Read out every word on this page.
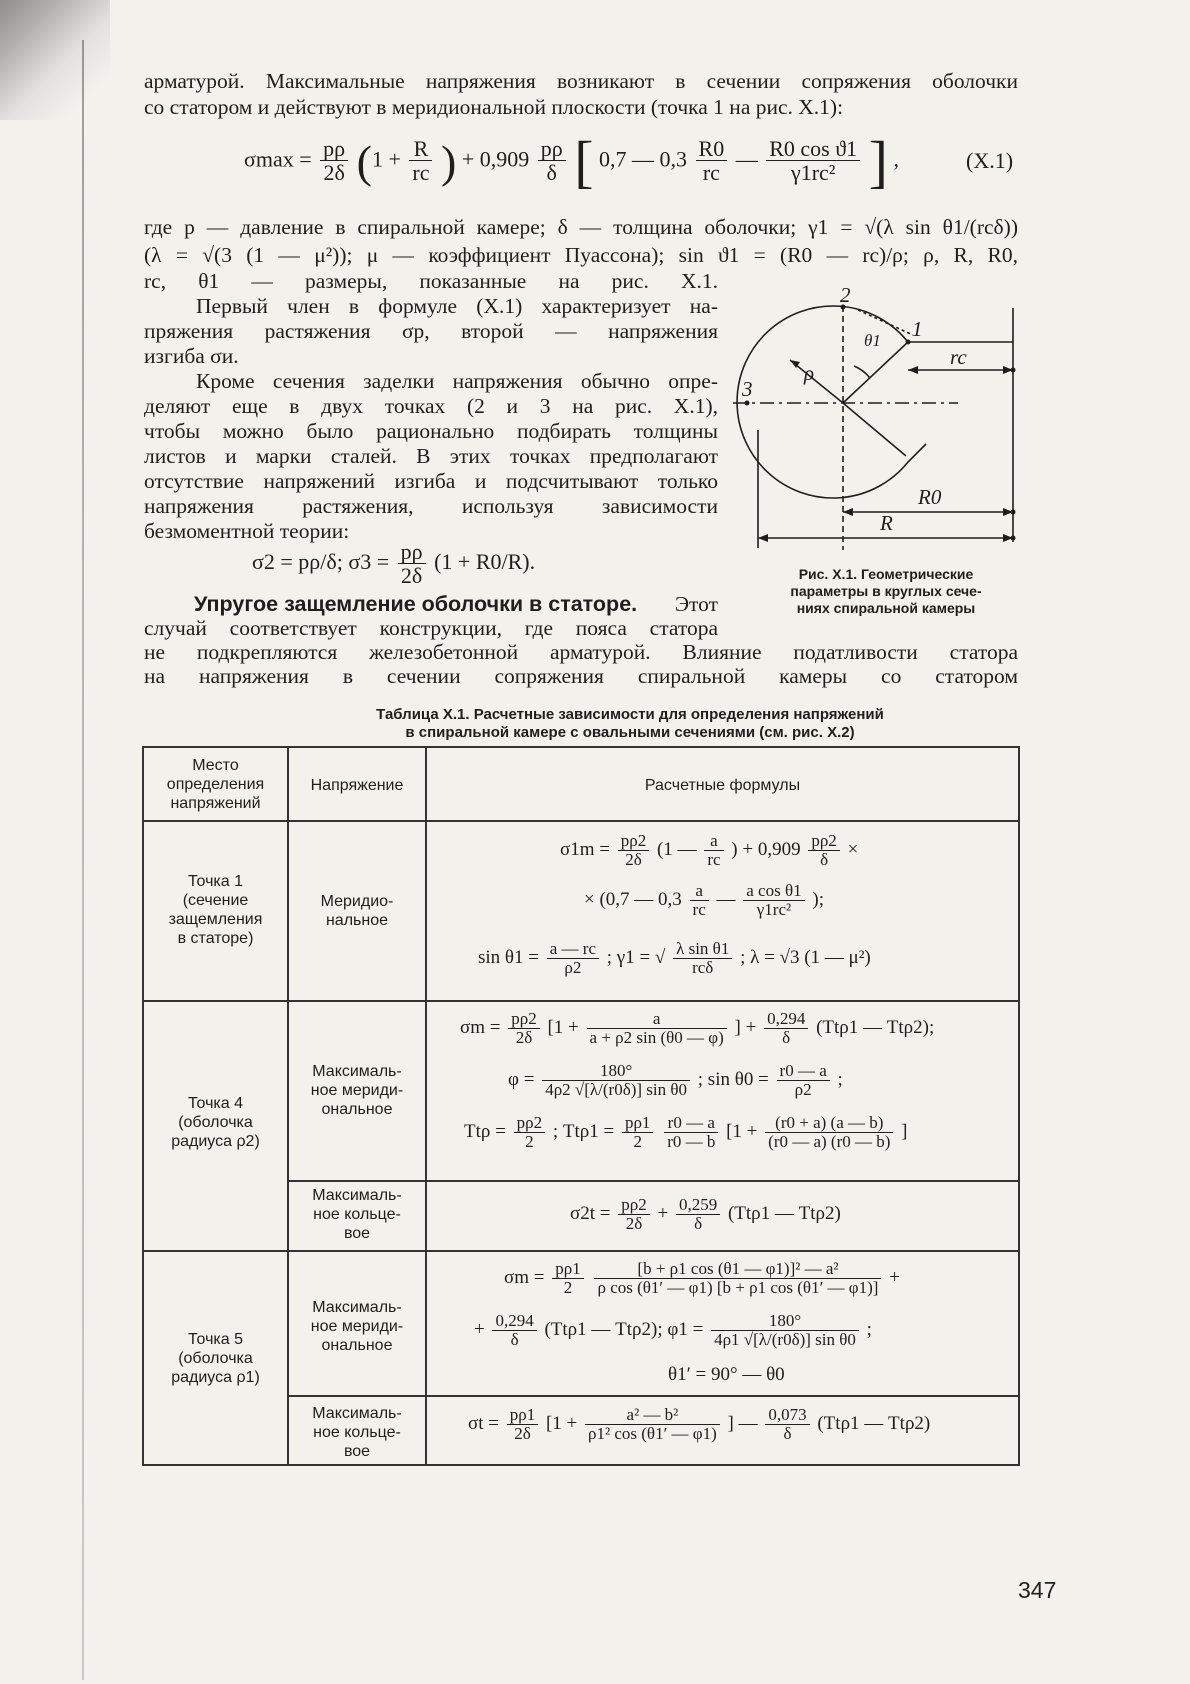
арматурой. Максимальные напряжения возникают в сечении сопряжения оболочки
со статором и действуют в меридиональной плоскости (точка 1 на рис. X.1):
$\sigma\max = \frac{p\rho}{2\delta} (1 + \frac{R}{rc}$ ) + $0,909 \frac{p\rho}{\delta}$ [ 0,7 — $0,3 \frac{R0}{rc}$ — $\frac{\text{R0 cos ϑ1}}{\text{γ1rc²}}$ ] ,	(X.1)
где p — давление в спиральной камере; δ — толщина оболочки; γ1 = √(λ sin θ1/(rcδ))
(λ = √(3 (1 — μ²)); μ — коэффициент Пуассона); sin ϑ1 = (R0 — rc)/ρ; ρ, R, R0,
rc, θ1 — размеры, показанные на рис. X.1.
Первый член в формуле (X.1) характеризует на-
пряжения растяжения σp, второй — напряжения
изгиба σи.
Кроме сечения заделки напряжения обычно опре-
деляют еще в двух точках (2 и 3 на рис. X.1),
чтобы можно было рационально подбирать толщины
листов и марки сталей. В этих точках предполагают
отсутствие напряжений изгиба и подсчитывают только
напряжения растяжения, используя зависимости
безмоментной теории:
σ2 = pρ/δ; $\sigma 3 = \frac{p\rho}{2\delta} (1 + R0/R)$.
Упругое защемление оболочки в статоре. Этот
случай соответствует конструкции, где пояса статора
не подкрепляются железобетонной арматурой. Влияние податливости статора
на напряжения в сечении сопряжения спиральной камеры со статором
2
1
3
ρ
θ1
rc
R0
R
Рис. X.1. Геометрические
параметры в круглых сече-
ниях спиральной камеры
Таблица X.1. Расчетные зависимости для определения напряжений
в спиральной камере с овальными сечениями (см. рис. X.2)
Место
определения
напряжений
Напряжение	Расчетные формулы
Точка 1
(сечение
защемления
в статоре)
Меридио-
нальное
$\sigma 1m = \frac{p\rho 2}{2\delta} (1$ — $\frac{a}{rc}$ ) + $0,909 \frac{p\rho 2}{\delta}$ ×
× (0,7 — $0,3 \frac{a}{rc}$ — $\frac{\text{a cos θ1}}{\text{γ1rc²}}$ );
$\sin \theta 1 = \frac{a — rc}{\rho 2}$ ; γ1 = √ $\frac{\text{λ sin θ1}}{\text{rcδ}}$ ; λ = √3 (1 — μ²)
Точка 4
(оболочка
радиуса ρ2)
Максималь-
ное мериди-
ональное
Максималь-
ное кольце-
вое
$\sigma m = \frac{p\rho 2}{2\delta} [1 + \frac{a}{a + \rho 2 \sin (\theta 0 — \varphi)}$ ] + $\frac{0,294}{\delta} (Tt\rho 1$ — Ttρ2);
$\varphi = \frac{180^\circ}{\text{4ρ2 √[λ/(r0δ)] sin θ0}}$ ; $\sin \theta 0 = \frac{r0 — a}{\rho 2}$ ;
$Tt\rho = \frac{p\rho 2}{2}$ ; $Tt\rho 1 = \frac{p\rho 1}{2}$
$\frac{r0 — a}{r0 — b} [1 + \frac{(r0 + a) (a — b)}{(r0 — a) (r0 — b)}$ ]
$\sigma 2t = \frac{p\rho 2}{2\delta} + \frac{0,259}{\delta} (Tt\rho 1$ — Ttρ2)
Точка 5
(оболочка
радиуса ρ1)
Максималь-
ное мериди-
ональное
Максималь-
ное кольце-
вое
$\sigma m = \frac{p\rho 1}{2}$
$\frac{\text{[b + ρ1 cos (θ1 — φ1)]² — a²}}{\text{ρ cos (θ1′ — φ1) [b + ρ1 cos (θ1′ — φ1)]}}$ +
+ $\frac{0,294}{\delta} (Tt\rho 1$ — Ttρ2); $\varphi 1 = \frac{180^\circ}{\text{4ρ1 √[λ/(r0δ)] sin θ0}}$ ;
θ1′ = 90° — θ0
$\sigma t = \frac{p\rho 1}{2\delta} [1 + \frac{\text{a² — b²}}{\text{ρ1² cos (θ1′ — φ1)}}$ ] — $\frac{0,073}{\delta} (Tt\rho 1$ — Ttρ2)
347
